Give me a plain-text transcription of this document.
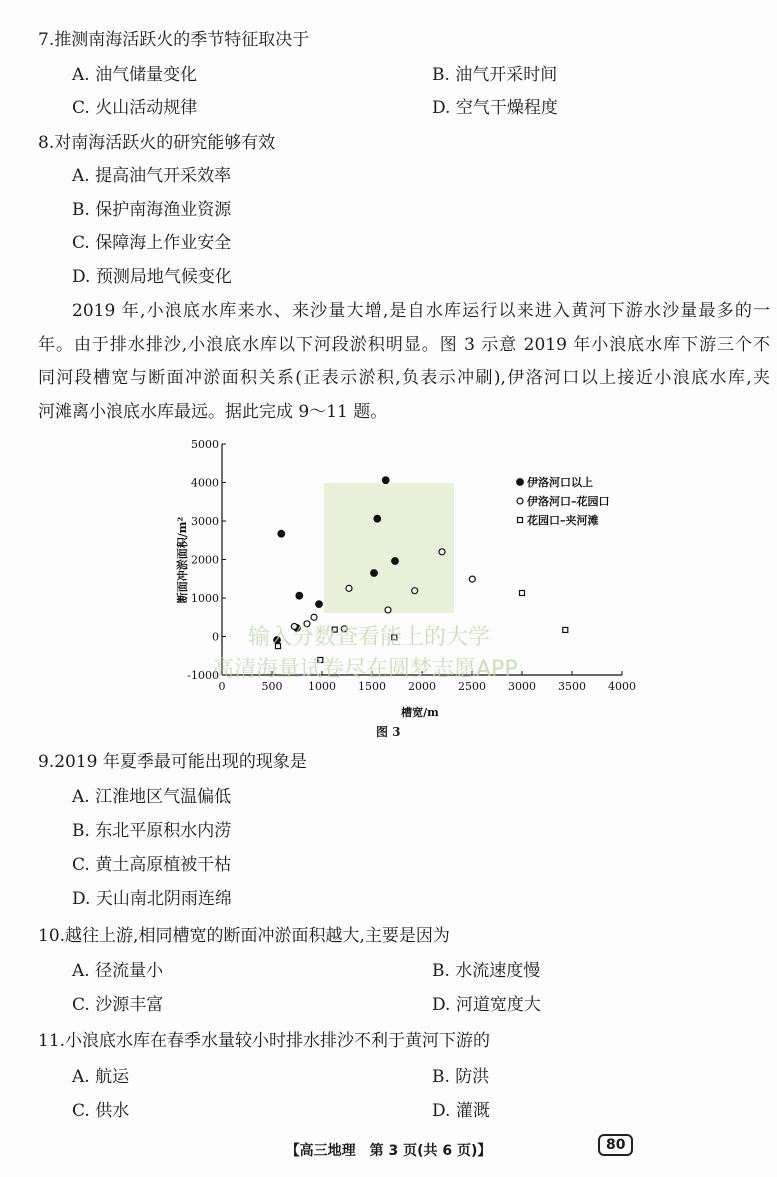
7.推测南海活跃火的季节特征取决于
A. 油气储量变化	B. 油气开采时间
C. 火山活动规律	D. 空气干燥程度
8.对南海活跃火的研究能够有效
A. 提高油气开采效率
B. 保护南海渔业资源
C. 保障海上作业安全
D. 预测局地气候变化
2019 年,小浪底水库来水、来沙量大增,是自水库运行以来进入黄河下游水沙量最多的一
年。由于排水排沙,小浪底水库以下河段淤积明显。图 3 示意 2019 年小浪底水库下游三个不
同河段槽宽与断面冲淤面积关系(正表示淤积,负表示冲刷),伊洛河口以上接近小浪底水库,夹
河滩离小浪底水库最远。据此完成 9～11 题。
0	500 1000 1500 2000 2500 3000 3500 4000
-1000
0
1000
2000
3000
4000
5000
伊洛河口以上
伊洛河口–花园口
花园口–夹河滩
槽宽/m
断面冲淤面积/m²
输入分数查看能上的大学
高清海量试卷尽在圆梦志愿APP
图 3
9.2019 年夏季最可能出现的现象是
A. 江淮地区气温偏低
B. 东北平原积水内涝
C. 黄土高原植被干枯
D. 天山南北阴雨连绵
10.越往上游,相同槽宽的断面冲淤面积越大,主要是因为
A. 径流量小	B. 水流速度慢
C. 沙源丰富	D. 河道宽度大
11.小浪底水库在春季水量较小时排水排沙不利于黄河下游的
A. 航运	B. 防洪
C. 供水	D. 灌溉
【高三地理　第 3 页(共 6 页)】	80
